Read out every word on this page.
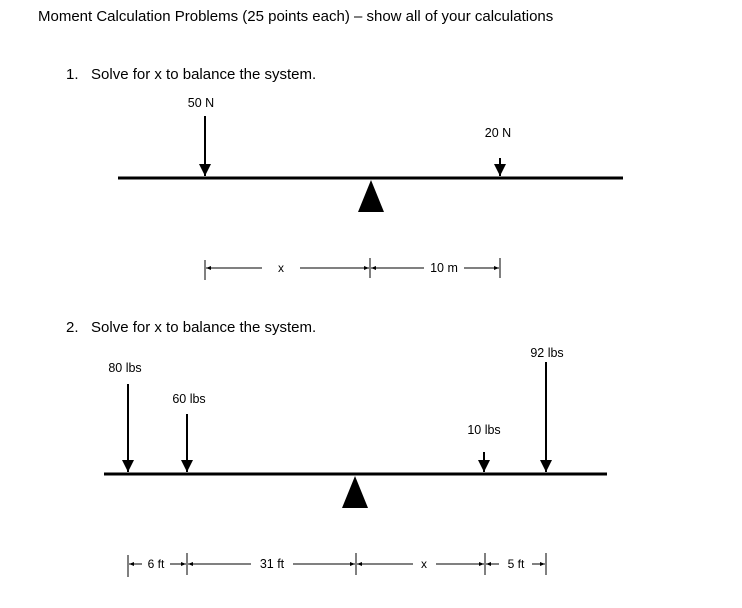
Moment Calculation Problems (25 points each) – show all of your calculations
1. Solve for x to balance the system.
2. Solve for x to balance the system.
50 N
20 N
x	10 m
80 lbs
60 lbs
10 lbs
92 lbs
6 ft	31 ft	x	5 ft
